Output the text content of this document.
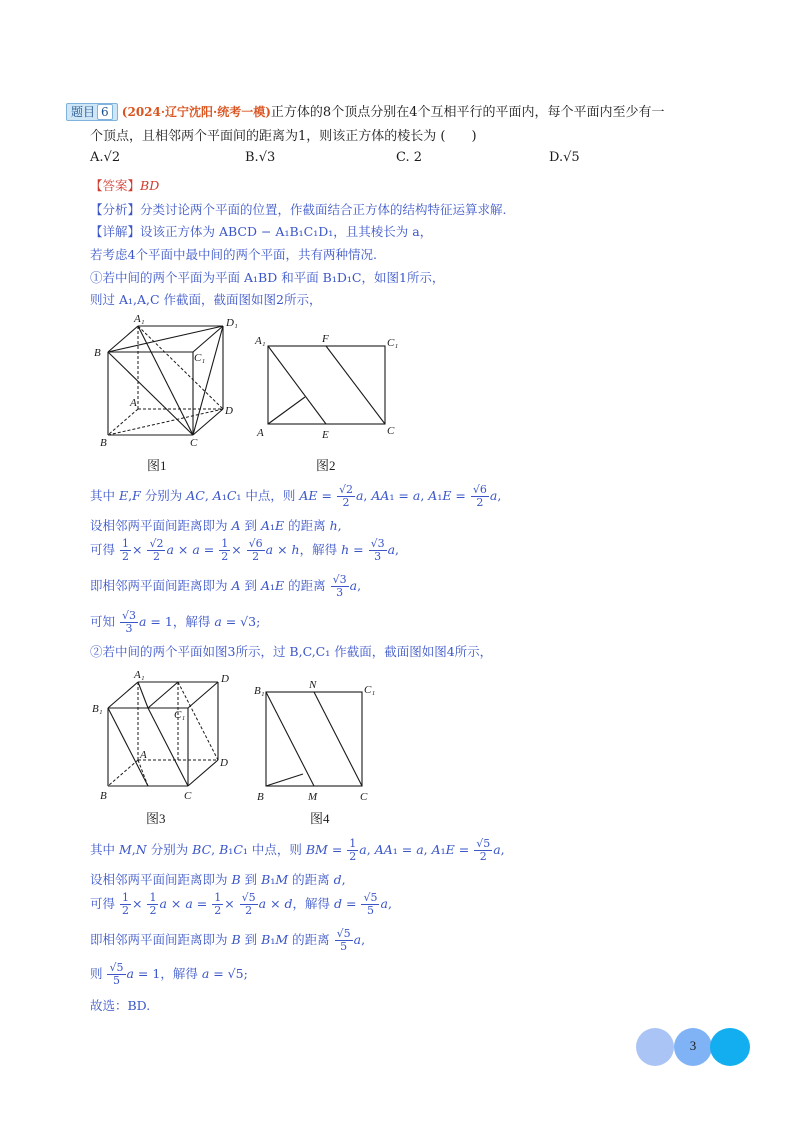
题目 6 (2024·辽宁沈阳·统考一模)正方体的8个顶点分别在4个互相平行的平面内，每个平面内至少有一
个顶点，且相邻两个平面间的距离为1，则该正方体的棱长为 (　　)
A.√2	B.√3	C. 2	D.√5
【答案】BD
【分析】分类讨论两个平面的位置，作截面结合正方体的结构特征运算求解.
【详解】设该正方体为 ABCD − A₁B₁C₁D₁，且其棱长为 a，
若考虑4个平面中最中间的两个平面，共有两种情况.
①若中间的两个平面为平面 A₁BD 和平面 B₁D₁C，如图1所示，
则过 A₁,A,C 作截面，截面图如图2所示，
A₁	D₁
B	C₁
A
D
B	C
图1
A₁	F	C₁
A	E	C
图2
其中 E,F 分别为 AC, A₁C₁ 中点，则 AE = $\frac{√2}{2} a$, AA₁ = a, $A_1E = \frac{√6}{2} a$,
设相邻两平面间距离即为 A 到 A₁E 的距离 h,
可得 $\frac{1}{2} \times \frac{√2}{2}$ $a \times a = \frac{1}{2} \times \frac{√6}{2}$ a × h，解得 $h = \frac{√3}{3} a$,
即相邻两平面间距离即为 A 到 A₁E 的距离 $\frac{√3}{3} a$,
可知 $\frac{√3}{3}$ a = 1，解得 a = √3;
②若中间的两个平面如图3所示，过 B,C,C₁ 作截面，截面图如图4所示，
A₁	D
B₁	C₁
A
D
B	C
图3
B₁	N	C₁
B	M	C
图4
其中 M,N 分别为 BC, B₁C₁ 中点，则 BM = $\frac{1}{2} a$, AA₁ = a, $A_1E = \frac{√5}{2} a$,
设相邻两平面间距离即为 B 到 B₁M 的距离 d,
可得 $\frac{1}{2} \times \frac{1}{2}$ $a \times a = \frac{1}{2} \times \frac{√5}{2}$ a × d，解得 $d = \frac{√5}{5} a$,
即相邻两平面间距离即为 B 到 B₁M 的距离 $\frac{√5}{5} a$,
则 $\frac{√5}{5}$ a = 1，解得 a = √5;
故选：BD.
3
